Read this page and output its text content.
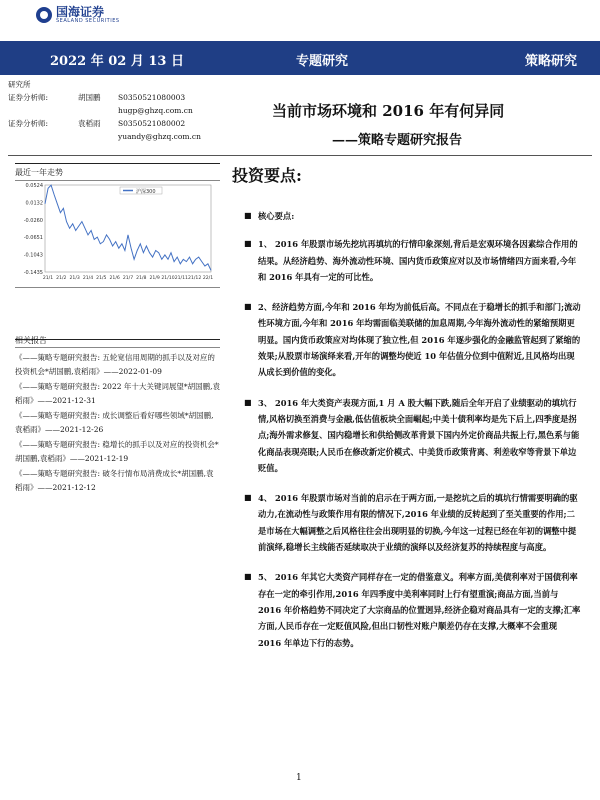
国海证券
SEALAND SECURITIES
2022 年 02 月 13 日	专题研究	策略研究
研究所
证券分析师:	胡国鹏	S0350521080003
hugp@ghzq.com.cn
证券分析师:	袁稻雨	S0350521080002
yuandy@ghzq.com.cn
当前市场环境和 2016 年有何异同
——策略专题研究报告
最近一年走势
沪深300
0.0524
0.0132
-0.0260
-0.0651
-0.1043
-0.1435
21/1 21/2 21/3 21/4 21/5 21/6 21/7 21/8 21/9 21/10 21/11 21/12 22/1
相关报告
《——策略专题研究报告: 五轮宽信用周期的抓手以及对应的投资机会*胡国鹏,袁稻雨》——2022-01-09
《——策略专题研究报告: 2022 年十大关键词展望*胡国鹏,袁稻雨》——2021-12-31
《——策略专题研究报告: 成长调整后看好哪些领域*胡国鹏,袁稻雨》——2021-12-26
《——策略专题研究报告: 稳增长的抓手以及对应的投资机会*胡国鹏,袁稻雨》——2021-12-19
《——策略专题研究报告: 破冬行情布局消费成长*胡国鹏,袁稻雨》——2021-12-12
投资要点:
■ 核心要点:
■ 1、 2016 年股票市场先挖坑再填坑的行情印象深刻,背后是宏观环境各因素综合作用的结果。从经济趋势、海外流动性环境、国内货币政策应对以及市场情绪四方面来看,今年和 2016 年具有一定的可比性。
■ 2、经济趋势方面,今年和 2016 年均为前低后高。不同点在于稳增长的抓手和部门;流动性环境方面,今年和 2016 年均需面临美联储的加息周期,今年海外流动性的紧缩预期更明显。国内货币政策应对均体现了独立性,但 2016 年逐步强化的金融监管起到了紧缩的效果;从股票市场演绎来看,开年的调整均使近 10 年估值分位到中值附近,且风格均出现从成长到价值的变化。
■ 3、 2016 年大类资产表现方面,1 月 A 股大幅下跌,随后全年开启了业绩驱动的填坑行情,风格切换至消费与金融,低估值板块全面崛起;中美十债利率均是先下后上,四季度是拐点;海外需求修复、国内稳增长和供给侧改革背景下国内外定价商品共振上行,黑色系与能化商品表现亮眼;人民币在修改新定价模式、中美货币政策背离、利差收窄等背景下单边贬值。
■ 4、 2016 年股票市场对当前的启示在于两方面,一是挖坑之后的填坑行情需要明确的驱动力,在流动性与政策作用有限的情况下,2016 年业绩的反转起到了至关重要的作用;二是市场在大幅调整之后风格往往会出现明显的切换,今年这一过程已经在年初的调整中提前演绎,稳增长主线能否延续取决于业绩的演绎以及经济复苏的持续程度与高度。
■ 5、 2016 年其它大类资产同样存在一定的借鉴意义。利率方面,美债利率对于国债利率存在一定的牵引作用,2016 年四季度中美利率同时上行有望重演;商品方面,当前与 2016 年价格趋势不同决定了大宗商品的位置迥异,经济企稳对商品具有一定的支撑;汇率方面,人民币存在一定贬值风险,但出口韧性对账户顺差仍存在支撑,大概率不会重现 2016 年单边下行的态势。
1
